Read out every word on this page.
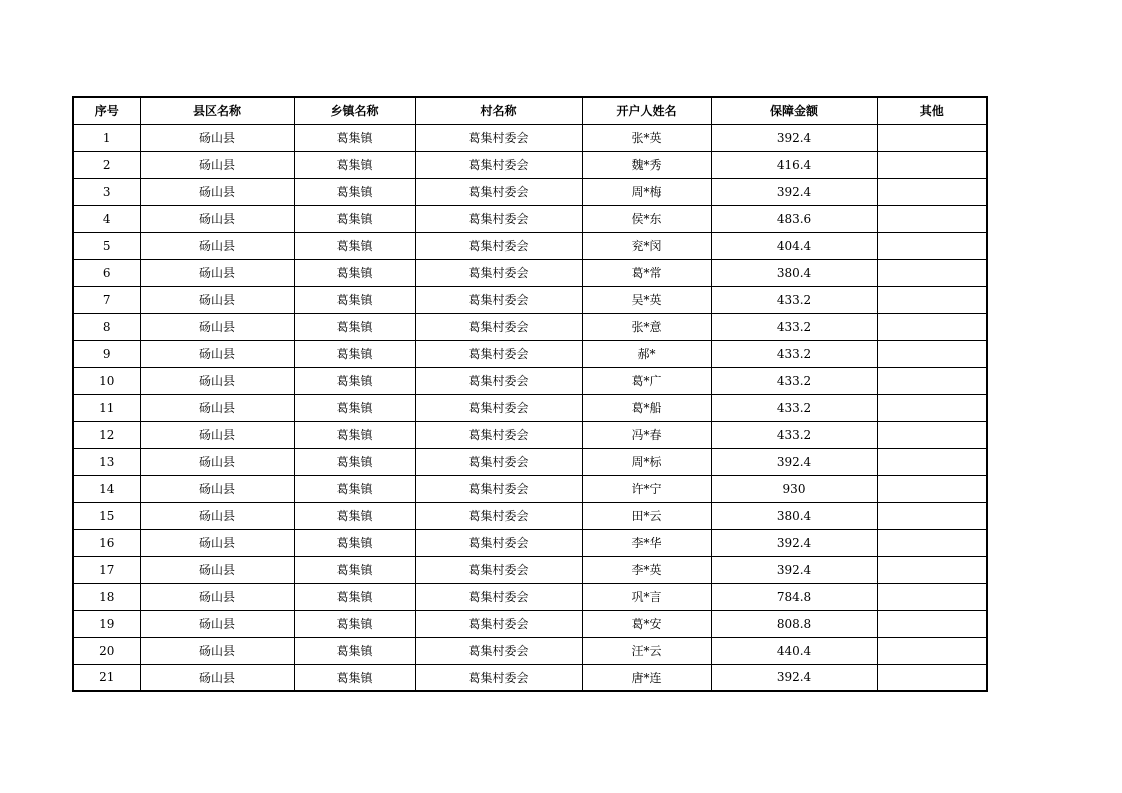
序号	县区名称	乡镇名称	村名称	开户人姓名	保障金额	其他
1	砀山县	葛集镇	葛集村委会	张*英	392.4	
2	砀山县	葛集镇	葛集村委会	魏*秀	416.4	
3	砀山县	葛集镇	葛集村委会	周*梅	392.4	
4	砀山县	葛集镇	葛集村委会	侯*东	483.6	
5	砀山县	葛集镇	葛集村委会	兖*闵	404.4	
6	砀山县	葛集镇	葛集村委会	葛*常	380.4	
7	砀山县	葛集镇	葛集村委会	吴*英	433.2	
8	砀山县	葛集镇	葛集村委会	张*意	433.2	
9	砀山县	葛集镇	葛集村委会	郝*	433.2	
10	砀山县	葛集镇	葛集村委会	葛*广	433.2	
11	砀山县	葛集镇	葛集村委会	葛*船	433.2	
12	砀山县	葛集镇	葛集村委会	冯*春	433.2	
13	砀山县	葛集镇	葛集村委会	周*标	392.4	
14	砀山县	葛集镇	葛集村委会	许*宁	930	
15	砀山县	葛集镇	葛集村委会	田*云	380.4	
16	砀山县	葛集镇	葛集村委会	李*华	392.4	
17	砀山县	葛集镇	葛集村委会	李*英	392.4	
18	砀山县	葛集镇	葛集村委会	巩*言	784.8	
19	砀山县	葛集镇	葛集村委会	葛*安	808.8	
20	砀山县	葛集镇	葛集村委会	汪*云	440.4	
21	砀山县	葛集镇	葛集村委会	唐*连	392.4	
